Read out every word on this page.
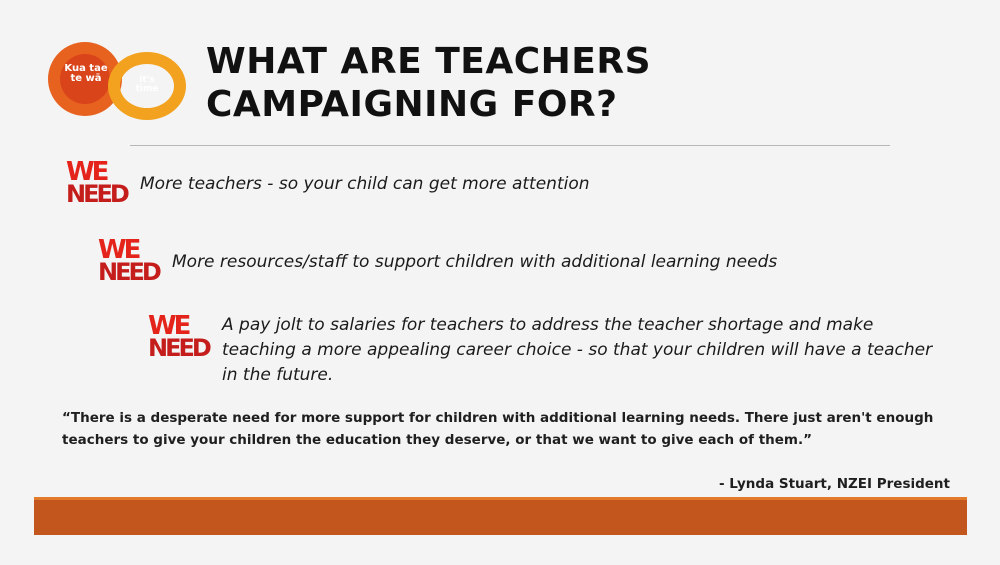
Kua tae te wā	it's time
WHAT ARE TEACHERS
CAMPAIGNING FOR?
WE
NEED More teachers - so your child can get more attention
WE
NEED More resources/staff to support children with additional learning needs
WE
NEED
A pay jolt to salaries for teachers to address the teacher shortage and make teaching a more appealing career choice - so that your children will have a teacher in the future.
“There is a desperate need for more support for children with additional learning needs. There just aren't enough teachers to give your children the education they deserve, or that we want to give each of them.”
- Lynda Stuart, NZEI President
